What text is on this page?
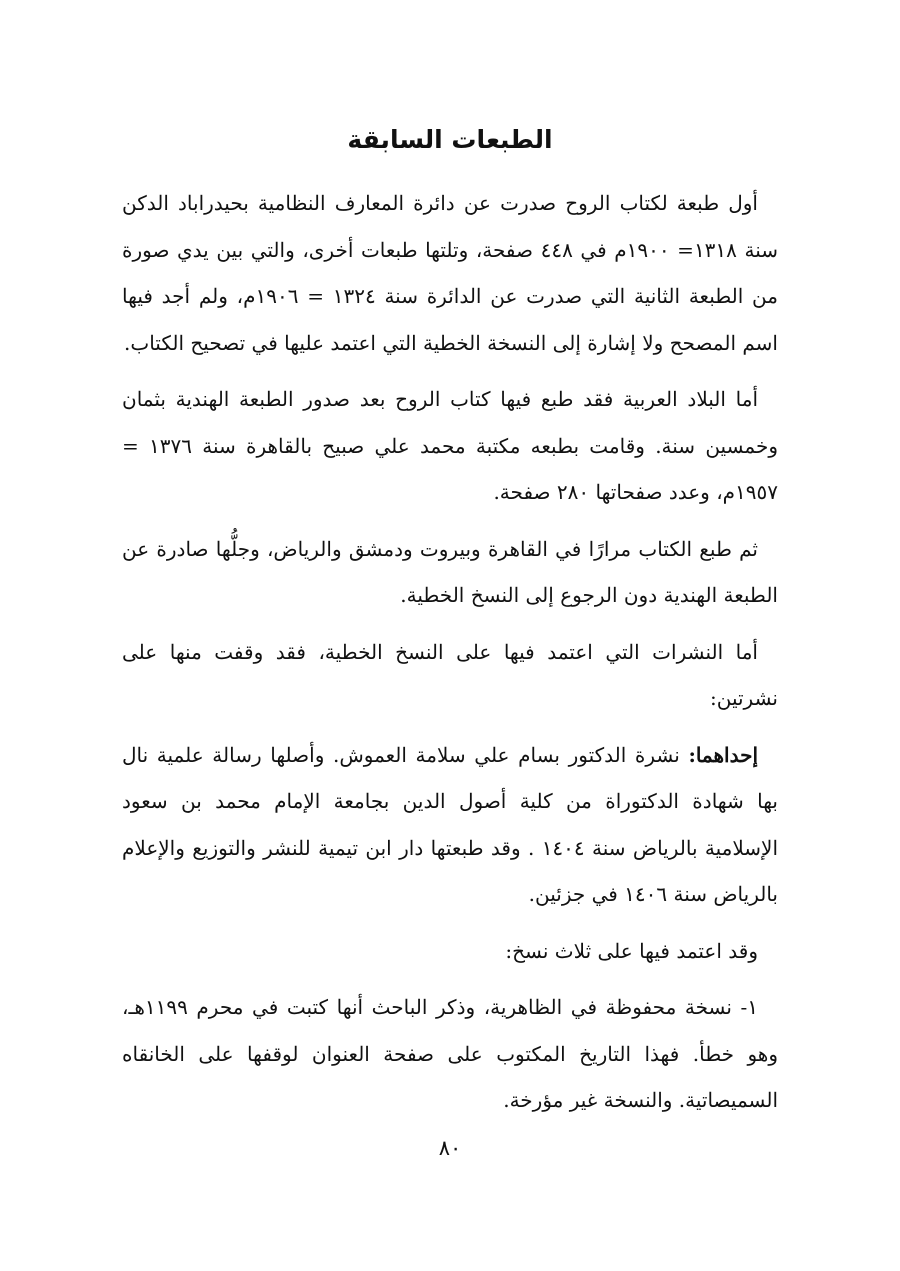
الطبعات السابقة

أول طبعة لكتاب الروح صدرت عن دائرة المعارف النظامية بحيدراباد الدكن سنة ١٣١٨= ١٩٠٠م في ٤٤٨ صفحة، وتلتها طبعات أخرى، والتي بين يدي صورة من الطبعة الثانية التي صدرت عن الدائرة سنة ١٣٢٤ = ١٩٠٦م، ولم أجد فيها اسم المصحح ولا إشارة إلى النسخة الخطية التي اعتمد عليها في تصحيح الكتاب.

أما البلاد العربية فقد طبع فيها كتاب الروح بعد صدور الطبعة الهندية بثمان وخمسين سنة. وقامت بطبعه مكتبة محمد علي صبيح بالقاهرة سنة ١٣٧٦ = ١٩٥٧م، وعدد صفحاتها ٢٨٠ صفحة.

ثم طبع الكتاب مرارًا في القاهرة وبيروت ودمشق والرياض، وجلُّها صادرة عن الطبعة الهندية دون الرجوع إلى النسخ الخطية.

أما النشرات التي اعتمد فيها على النسخ الخطية، فقد وقفت منها على نشرتين:

إحداهما: نشرة الدكتور بسام علي سلامة العموش. وأصلها رسالة علمية نال بها شهادة الدكتوراة من كلية أصول الدين بجامعة الإمام محمد بن سعود الإسلامية بالرياض سنة ١٤٠٤ . وقد طبعتها دار ابن تيمية للنشر والتوزيع والإعلام بالرياض سنة ١٤٠٦ في جزئين.

وقد اعتمد فيها على ثلاث نسخ:

١- نسخة محفوظة في الظاهرية، وذكر الباحث أنها كتبت في محرم ١١٩٩هـ، وهو خطأ. فهذا التاريخ المكتوب على صفحة العنوان لوقفها على الخانقاه السميصاتية. والنسخة غير مؤرخة.

٨٠
